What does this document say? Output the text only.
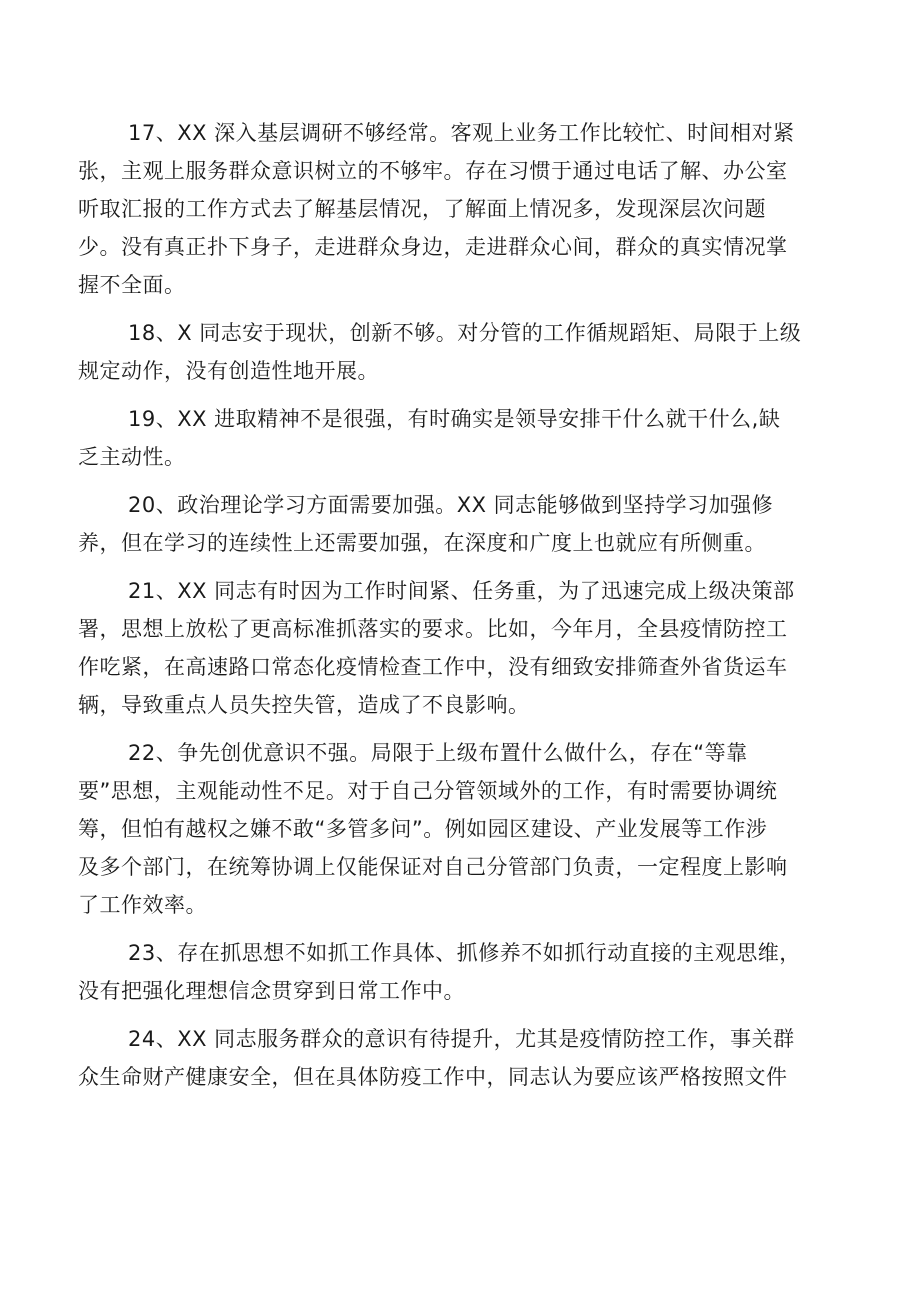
17、XX 深入基层调研不够经常。客观上业务工作比较忙、时间相对紧
张，主观上服务群众意识树立的不够牢。存在习惯于通过电话了解、办公室
听取汇报的工作方式去了解基层情况，了解面上情况多，发现深层次问题
少。没有真正扑下身子，走进群众身边，走进群众心间，群众的真实情况掌
握不全面。
18、X 同志安于现状，创新不够。对分管的工作循规蹈矩、局限于上级
规定动作，没有创造性地开展。
19、XX 进取精神不是很强，有时确实是领导安排干什么就干什么,缺
乏主动性。
20、政治理论学习方面需要加强。XX 同志能够做到坚持学习加强修
养，但在学习的连续性上还需要加强，在深度和广度上也就应有所侧重。
21、XX 同志有时因为工作时间紧、任务重，为了迅速完成上级决策部
署，思想上放松了更高标准抓落实的要求。比如，今年月，全县疫情防控工
作吃紧，在高速路口常态化疫情检查工作中，没有细致安排筛查外省货运车
辆，导致重点人员失控失管，造成了不良影响。
22、争先创优意识不强。局限于上级布置什么做什么，存在“等靠
要”思想，主观能动性不足。对于自己分管领域外的工作，有时需要协调统
筹，但怕有越权之嫌不敢“多管多问”。例如园区建设、产业发展等工作涉
及多个部门，在统筹协调上仅能保证对自己分管部门负责，一定程度上影响
了工作效率。
23、存在抓思想不如抓工作具体、抓修养不如抓行动直接的主观思维，
没有把强化理想信念贯穿到日常工作中。
24、XX 同志服务群众的意识有待提升，尤其是疫情防控工作，事关群
众生命财产健康安全，但在具体防疫工作中，同志认为要应该严格按照文件
